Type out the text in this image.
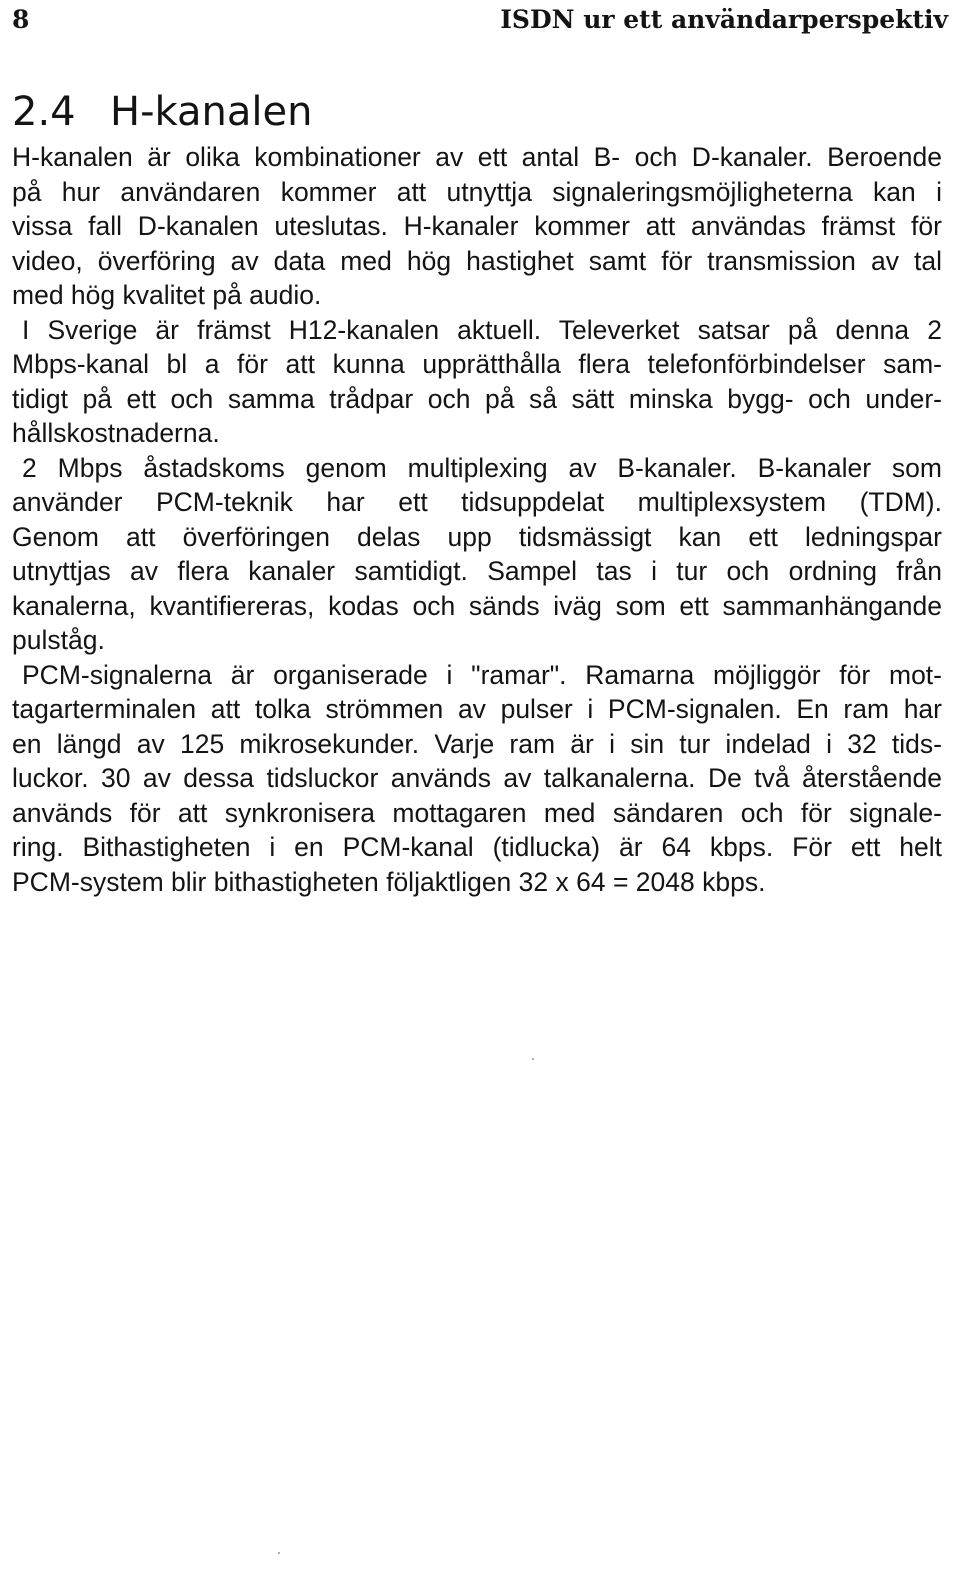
8	ISDN ur ett användarperspektiv
2.4 H-kanalen

H-kanalen är olika kombinationer av ett antal B- och D-kanaler. Beroende
på hur användaren kommer att utnyttja signaleringsmöjligheterna kan i
vissa fall D-kanalen uteslutas. H-kanaler kommer att användas främst för
video, överföring av data med hög hastighet samt för transmission av tal
med hög kvalitet på audio.

I Sverige är främst H12-kanalen aktuell. Televerket satsar på denna 2
Mbps-kanal bl a för att kunna upprätthålla flera telefonförbindelser sam-
tidigt på ett och samma trådpar och på så sätt minska bygg- och under-
hållskostnaderna.

2 Mbps åstadskoms genom multiplexing av B-kanaler. B-kanaler som
använder PCM-teknik har ett tidsuppdelat multiplexsystem (TDM).
Genom att överföringen delas upp tidsmässigt kan ett ledningspar
utnyttjas av flera kanaler samtidigt. Sampel tas i tur och ordning från
kanalerna, kvantifiereras, kodas och sänds iväg som ett sammanhängande
pulståg.

PCM-signalerna är organiserade i "ramar". Ramarna möjliggör för mot-
tagarterminalen att tolka strömmen av pulser i PCM-signalen. En ram har
en längd av 125 mikrosekunder. Varje ram är i sin tur indelad i 32 tids-
luckor. 30 av dessa tidsluckor används av talkanalerna. De två återstående
används för att synkronisera mottagaren med sändaren och för signale-
ring. Bithastigheten i en PCM-kanal (tidlucka) är 64 kbps. För ett helt
PCM-system blir bithastigheten följaktligen 32 x 64 = 2048 kbps.
